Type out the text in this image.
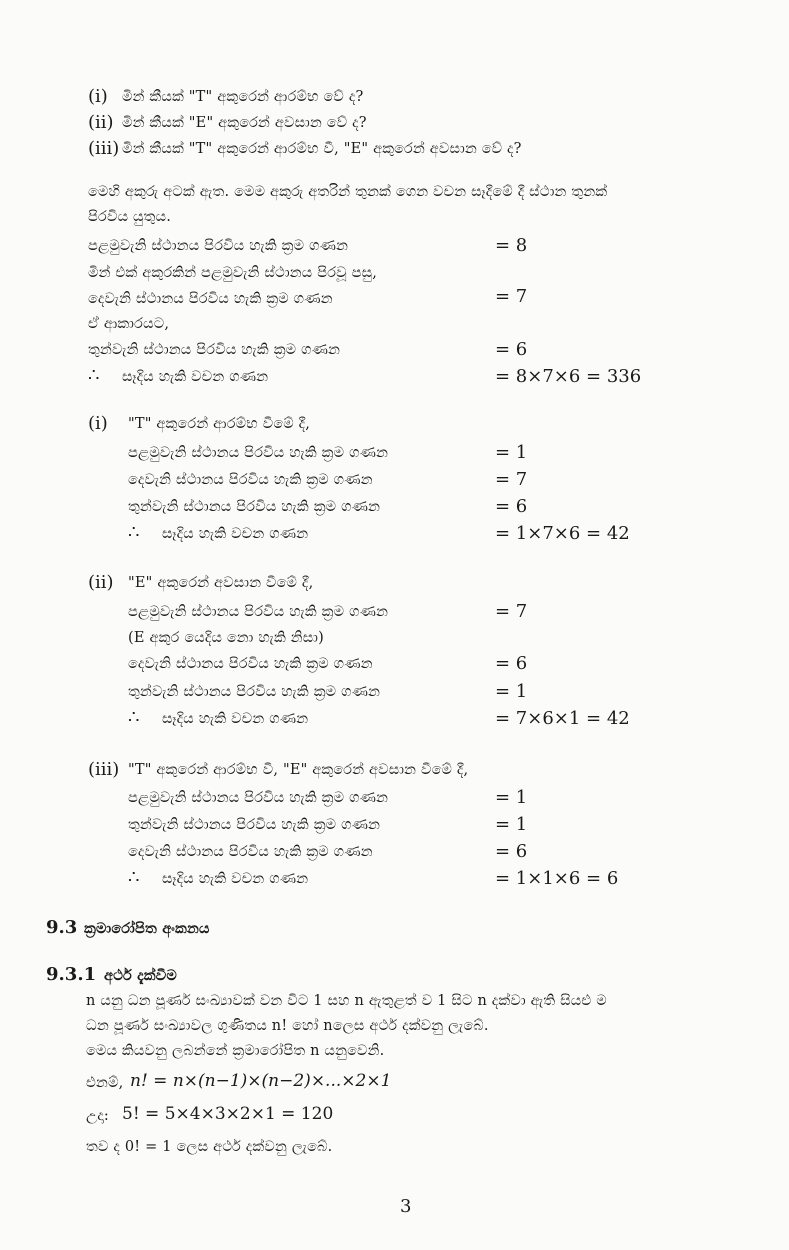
(i) මින් කීයක් "T" අකුරෙන් ආරම්භ වේ ද?
(ii) මින් කීයක් "E" අකුරෙන් අවසාන වේ ද?
(iii) මින් කීයක් "T" අකුරෙන් ආරම්භ වී, "E" අකුරෙන් අවසාන වේ ද?
මෙහි අකුරු අටක් ඇත. මෙම අකුරු අතරින් තුනක් ගෙන වචන සෑදීමේ දී ස්ථාන තුනක්
පිරවිය යුතුය.
පළමුවැනි ස්ථානය පිරවිය හැකි ක්‍රම ගණන	= 8
මින් එක් අකුරකින් පළමුවැනි ස්ථානය පිරවූ පසු,
දෙවැනි ස්ථානය පිරවිය හැකි ක්‍රම ගණන	= 7
ඒ ආකාරයට,
තුන්වැනි ස්ථානය පිරවිය හැකි ක්‍රම ගණන	= 6
∴ සෑදිය හැකි වචන ගණන	= 8×7×6 = 336
(i) "T" අකුරෙන් ආරම්භ වීමේ දී,
පළමුවැනි ස්ථානය පිරවිය හැකි ක්‍රම ගණන	= 1
දෙවැනි ස්ථානය පිරවිය හැකි ක්‍රම ගණන	= 7
තුන්වැනි ස්ථානය පිරවිය හැකි ක්‍රම ගණන	= 6
∴ සෑදිය හැකි වචන ගණන	= 1×7×6 = 42
(ii) "E" අකුරෙන් අවසාන වීමේ දී,
පළමුවැනි ස්ථානය පිරවිය හැකි ක්‍රම ගණන	= 7
(E අකුර යෙදිය නො හැකි නිසා)
දෙවැනි ස්ථානය පිරවිය හැකි ක්‍රම ගණන	= 6
තුන්වැනි ස්ථානය පිරවිය හැකි ක්‍රම ගණන	= 1
∴ සෑදිය හැකි වචන ගණන	= 7×6×1 = 42
(iii) "T" අකුරෙන් ආරම්භ වී, "E" අකුරෙන් අවසාන වීමේ දී,
පළමුවැනි ස්ථානය පිරවිය හැකි ක්‍රම ගණන	= 1
තුන්වැනි ස්ථානය පිරවිය හැකි ක්‍රම ගණන	= 1
දෙවැනි ස්ථානය පිරවිය හැකි ක්‍රම ගණන	= 6
∴ සෑදිය හැකි වචන ගණන	= 1×1×6 = 6
9.3 ක්‍රමාරෝපිත අංකනය
9.3.1 අර්ථ දැක්වීම
n යනු ධන පූර්ණ සංඛ්‍යාවක් වන විට 1 සහ n ඇතුළත් ව 1 සිට n දක්වා ඇති සියළු ම
ධන පූර්ණ සංඛ්‍යාවල ගුණිතය n! හෝ nලෙස අර්ථ දක්වනු ලැබේ.
මෙය කියවනු ලබන්නේ ක්‍රමාරෝපිත n යනුවෙනි.
එනම්, n! = n×(n−1)×(n−2)×...×2×1
උදා: 5! = 5×4×3×2×1 = 120
තව ද 0! = 1 ලෙස අර්ථ දක්වනු ලැබේ.
3
